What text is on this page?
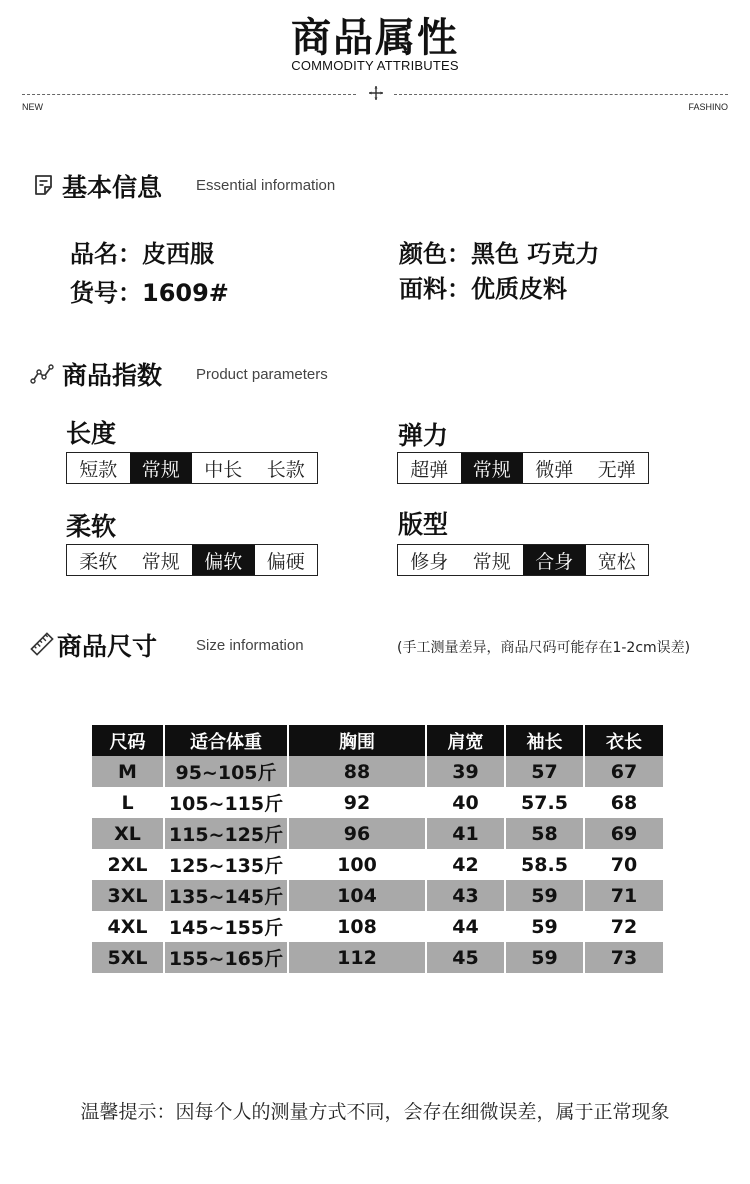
商品属性
COMMODITY ATTRIBUTES
NEW	FASHINO
基本信息 Essential information
品名：皮西服
货号：1609#
颜色：黑色 巧克力
面料：优质皮料
商品指数 Product parameters
长度
短款	常规	中长	长款
弹力
超弹	常规	微弹	无弹
柔软
柔软	常规	偏软	偏硬
版型
修身	常规	合身	宽松
商品尺寸	Size information	(手工测量差异，商品尺码可能存在1-2cm误差)
尺码	适合体重	胸围	肩宽	袖长	衣长
M	95~105斤	88	39	57	67
L	105~115斤	92	40	57.5	68
XL	115~125斤	96	41	58	69
2XL	125~135斤	100	42	58.5	70
3XL	135~145斤	104	43	59	71
4XL	145~155斤	108	44	59	72
5XL	155~165斤	112	45	59	73
温馨提示：因每个人的测量方式不同，会存在细微误差，属于正常现象
